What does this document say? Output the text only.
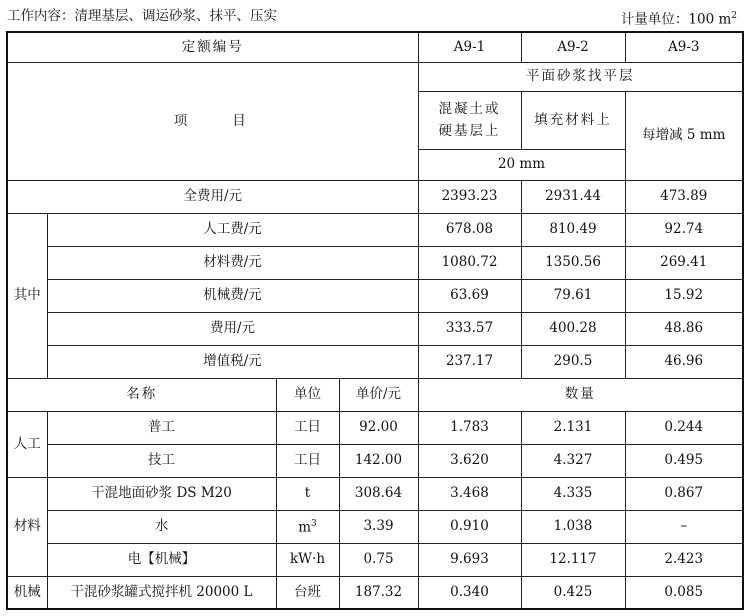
工作内容：清理基层、调运砂浆、抹平、压实	计量单位：100 $m^2$
定额编号				A9-1	A9-2	A9-3
项　　目				平面砂浆找平层		
				混凝土或硬基层上	填充材料上	每增减 5 mm
				20 mm		
全费用/元				2393.23	2931.44	473.89
其中	人工费/元			678.08	810.49	92.74
	材料费/元			1080.72	1350.56	269.41
	机械费/元			63.69	79.61	15.92
	费用/元			333.57	400.28	48.86
	增值税/元			237.17	290.5	46.96
名称		单位	单价/元	数量		
人工	普工	工日	92.00	1.783	2.131	0.244
	技工	工日	142.00	3.620	4.327	0.495
材料	干混地面砂浆 DS M20	t	308.64	3.468	4.335	0.867
	水	$m^3$	3.39	0.910	1.038	–
	电【机械】	kW·h	0.75	9.693	12.117	2.423
机械	干混砂浆罐式搅拌机 20000 L	台班	187.32	0.340	0.425	0.085
